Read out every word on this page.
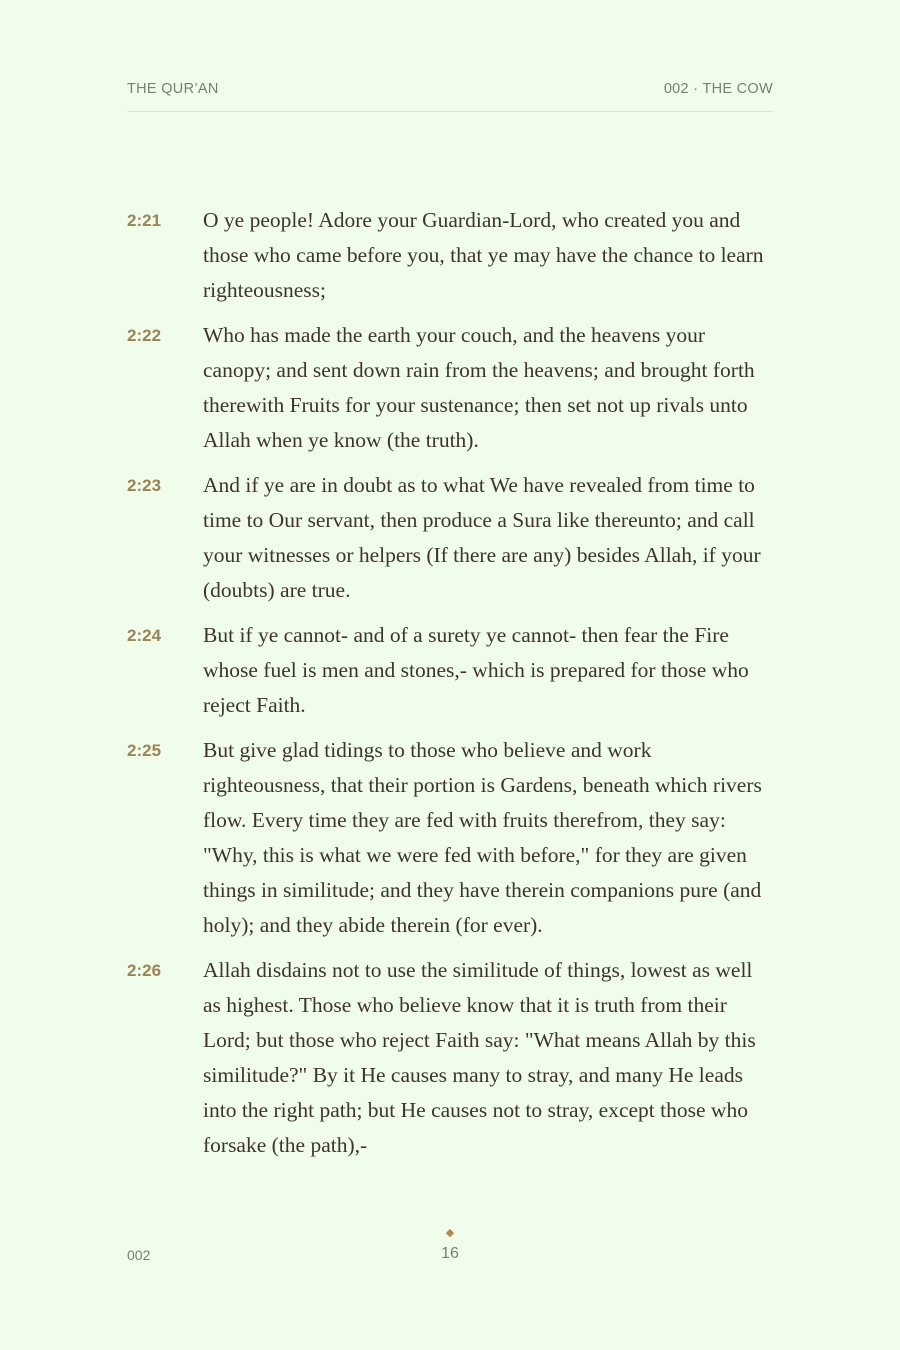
THE QUR’AN	002 · THE COW
2:21	O ye people! Adore your Guardian-Lord, who created you and those who came before you, that ye may have the chance to learn righteousness;
2:22	Who has made the earth your couch, and the heavens your canopy; and sent down rain from the heavens; and brought forth therewith Fruits for your sustenance; then set not up rivals unto Allah when ye know (the truth).
2:23	And if ye are in doubt as to what We have revealed from time to time to Our servant, then produce a Sura like thereunto; and call your witnesses or helpers (If there are any) besides Allah, if your (doubts) are true.
2:24	But if ye cannot- and of a surety ye cannot- then fear the Fire whose fuel is men and stones,- which is prepared for those who reject Faith.
2:25	But give glad tidings to those who believe and work righteousness, that their portion is Gardens, beneath which rivers flow. Every time they are fed with fruits therefrom, they say: "Why, this is what we were fed with before," for they are given things in similitude; and they have therein companions pure (and holy); and they abide therein (for ever).
2:26	Allah disdains not to use the similitude of things, lowest as well as highest. Those who believe know that it is truth from their Lord; but those who reject Faith say: "What means Allah by this similitude?" By it He causes many to stray, and many He leads into the right path; but He causes not to stray, except those who forsake (the path),-
002
◆
16
